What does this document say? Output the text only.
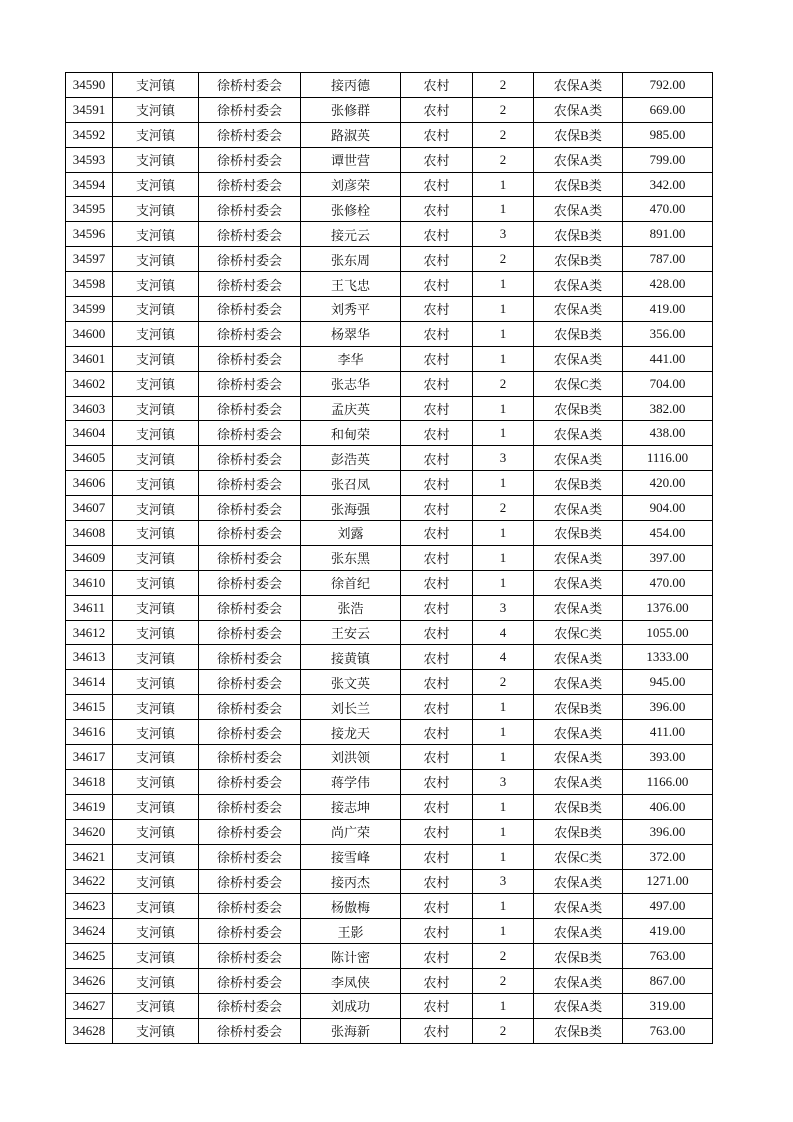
34590	支河镇	徐桥村委会	接丙德	农村	2	农保A类	792.00
34591	支河镇	徐桥村委会	张修群	农村	2	农保A类	669.00
34592	支河镇	徐桥村委会	路淑英	农村	2	农保B类	985.00
34593	支河镇	徐桥村委会	谭世营	农村	2	农保A类	799.00
34594	支河镇	徐桥村委会	刘彦荣	农村	1	农保B类	342.00
34595	支河镇	徐桥村委会	张修栓	农村	1	农保A类	470.00
34596	支河镇	徐桥村委会	接元云	农村	3	农保B类	891.00
34597	支河镇	徐桥村委会	张东周	农村	2	农保B类	787.00
34598	支河镇	徐桥村委会	王飞忠	农村	1	农保A类	428.00
34599	支河镇	徐桥村委会	刘秀平	农村	1	农保A类	419.00
34600	支河镇	徐桥村委会	杨翠华	农村	1	农保B类	356.00
34601	支河镇	徐桥村委会	李华	农村	1	农保A类	441.00
34602	支河镇	徐桥村委会	张志华	农村	2	农保C类	704.00
34603	支河镇	徐桥村委会	孟庆英	农村	1	农保B类	382.00
34604	支河镇	徐桥村委会	和甸荣	农村	1	农保A类	438.00
34605	支河镇	徐桥村委会	彭浩英	农村	3	农保A类	1116.00
34606	支河镇	徐桥村委会	张召凤	农村	1	农保B类	420.00
34607	支河镇	徐桥村委会	张海强	农村	2	农保A类	904.00
34608	支河镇	徐桥村委会	刘露	农村	1	农保B类	454.00
34609	支河镇	徐桥村委会	张东黑	农村	1	农保A类	397.00
34610	支河镇	徐桥村委会	徐首纪	农村	1	农保A类	470.00
34611	支河镇	徐桥村委会	张浩	农村	3	农保A类	1376.00
34612	支河镇	徐桥村委会	王安云	农村	4	农保C类	1055.00
34613	支河镇	徐桥村委会	接黄镇	农村	4	农保A类	1333.00
34614	支河镇	徐桥村委会	张文英	农村	2	农保A类	945.00
34615	支河镇	徐桥村委会	刘长兰	农村	1	农保B类	396.00
34616	支河镇	徐桥村委会	接龙天	农村	1	农保A类	411.00
34617	支河镇	徐桥村委会	刘洪领	农村	1	农保A类	393.00
34618	支河镇	徐桥村委会	蒋学伟	农村	3	农保A类	1166.00
34619	支河镇	徐桥村委会	接志坤	农村	1	农保B类	406.00
34620	支河镇	徐桥村委会	尚广荣	农村	1	农保B类	396.00
34621	支河镇	徐桥村委会	接雪峰	农村	1	农保C类	372.00
34622	支河镇	徐桥村委会	接丙杰	农村	3	农保A类	1271.00
34623	支河镇	徐桥村委会	杨傲梅	农村	1	农保A类	497.00
34624	支河镇	徐桥村委会	王影	农村	1	农保A类	419.00
34625	支河镇	徐桥村委会	陈计密	农村	2	农保B类	763.00
34626	支河镇	徐桥村委会	李凤侠	农村	2	农保A类	867.00
34627	支河镇	徐桥村委会	刘成功	农村	1	农保A类	319.00
34628	支河镇	徐桥村委会	张海新	农村	2	农保B类	763.00
